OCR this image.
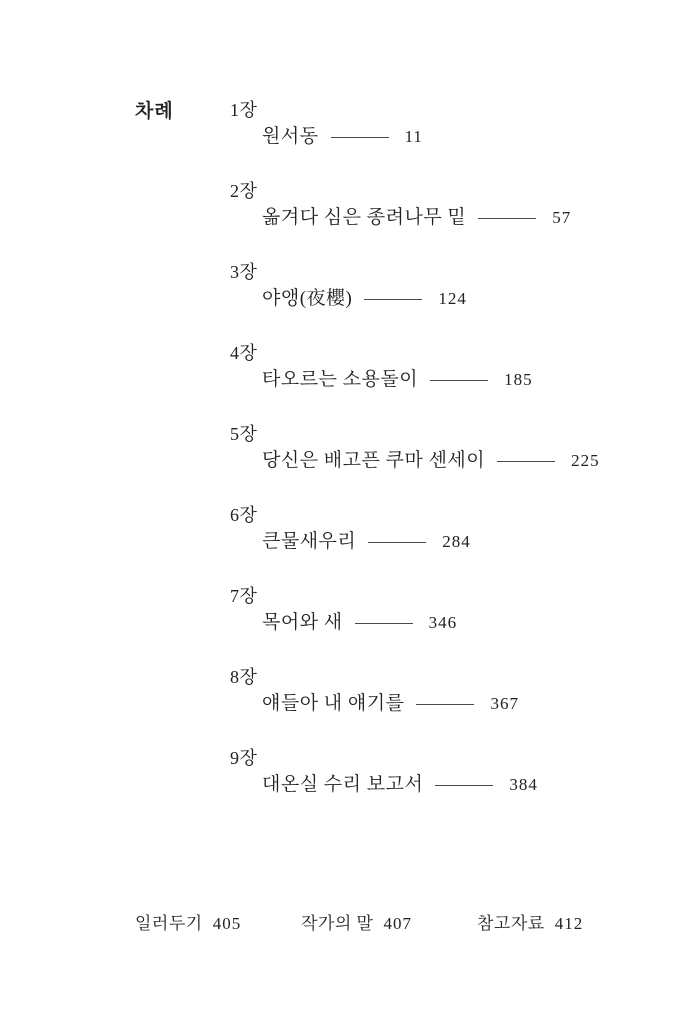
차례	1장
원서동	11
2장
옮겨다 심은 종려나무 밑	57
3장
야앵(夜櫻)	124
4장
타오르는 소용돌이	185
5장
당신은 배고픈 쿠마 센세이	225
6장
큰물새우리	284
7장
목어와 새	346
8장
얘들아 내 얘기를	367
9장
대온실 수리 보고서	384
일러두기 405	작가의 말 407	참고자료 412
